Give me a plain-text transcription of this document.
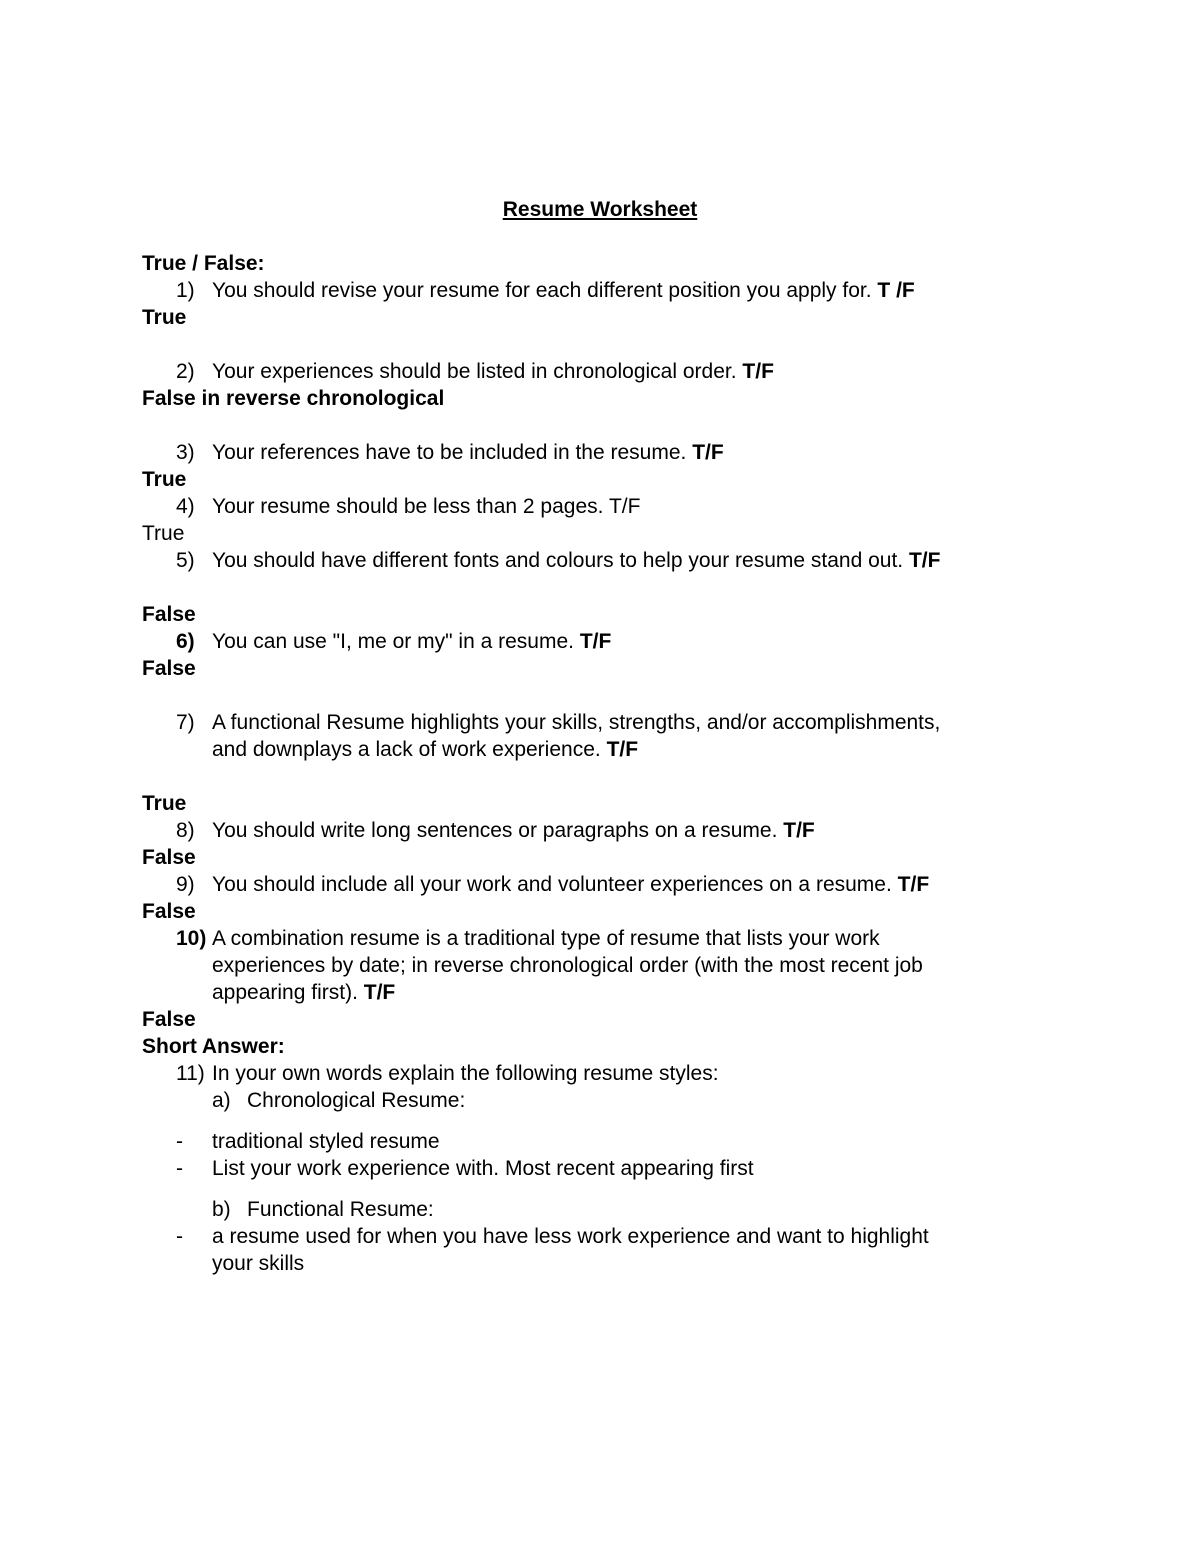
Resume Worksheet
True / False:
1) You should revise your resume for each different position you apply for. T /F
True
2) Your experiences should be listed in chronological order. T/F
False in reverse chronological
3) Your references have to be included in the resume. T/F
True
4) Your resume should be less than 2 pages. T/F
True
5) You should have different fonts and colours to help your resume stand out. T/F
False
6) You can use "I, me or my" in a resume. T/F
False
7) A functional Resume highlights your skills, strengths, and/or accomplishments,
and downplays a lack of work experience. T/F
True
8) You should write long sentences or paragraphs on a resume. T/F
False
9) You should include all your work and volunteer experiences on a resume. T/F
False
10) A combination resume is a traditional type of resume that lists your work
experiences by date; in reverse chronological order (with the most recent job
appearing first). T/F
False
Short Answer:
11) In your own words explain the following resume styles:
a) Chronological Resume:
- traditional styled resume
- List your work experience with. Most recent appearing first
b) Functional Resume:
- a resume used for when you have less work experience and want to highlight
your skills
